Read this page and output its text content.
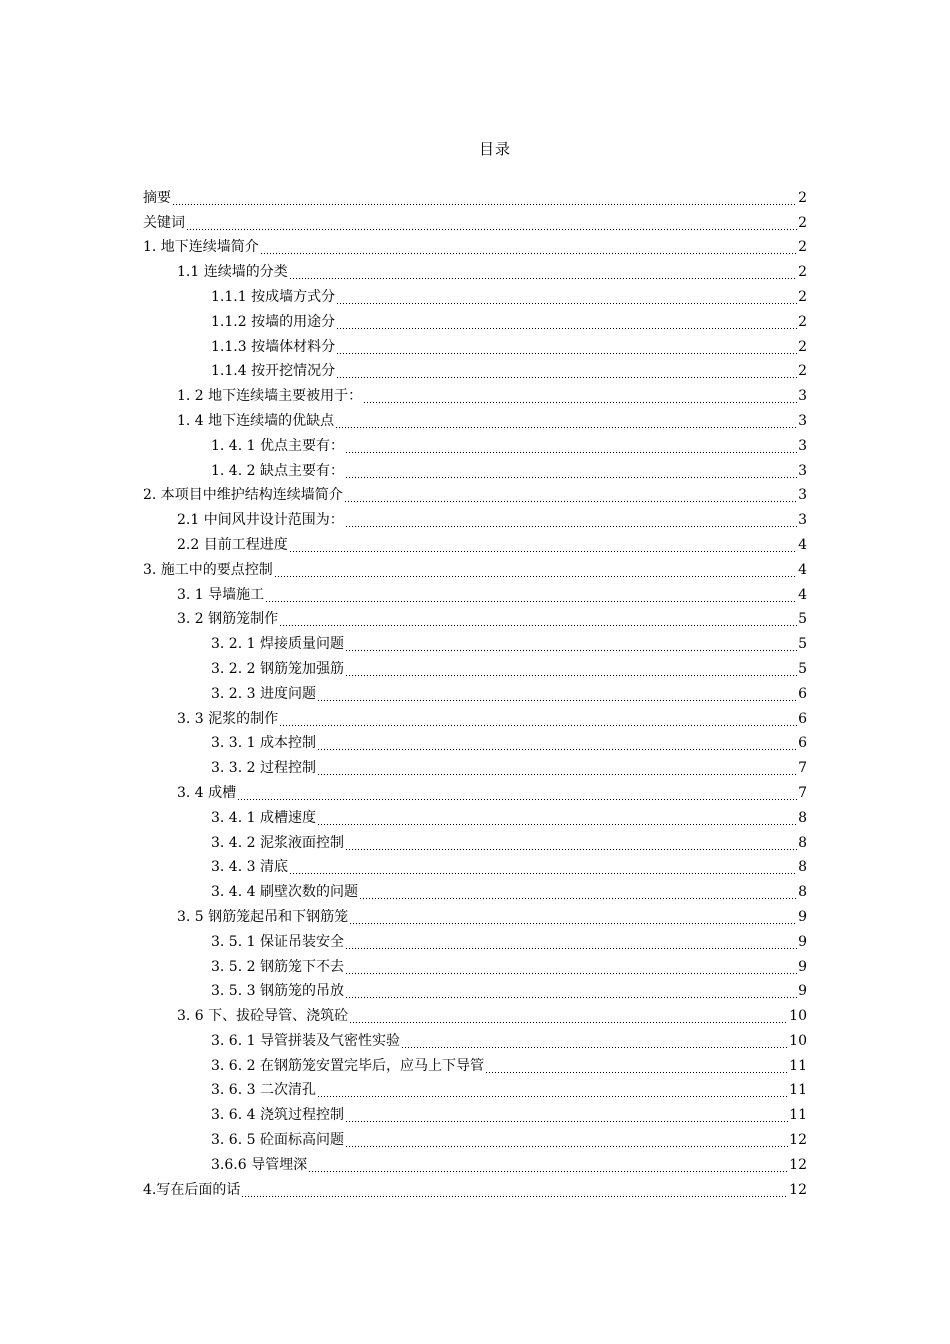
目录
摘要	2
关键词	2
1. 地下连续墙简介	2
1.1 连续墙的分类	2
1.1.1 按成墙方式分	2
1.1.2 按墙的用途分	2
1.1.3 按墙体材料分	2
1.1.4 按开挖情况分	2
1. 2 地下连续墙主要被用于：	3
1. 4 地下连续墙的优缺点	3
1. 4. 1 优点主要有：	3
1. 4. 2 缺点主要有：	3
2. 本项目中维护结构连续墙简介	3
2.1 中间风井设计范围为：	3
2.2 目前工程进度	4
3. 施工中的要点控制	4
3. 1 导墙施工	4
3. 2 钢筋笼制作	5
3. 2. 1 焊接质量问题	5
3. 2. 2 钢筋笼加强筋	5
3. 2. 3 进度问题	6
3. 3 泥浆的制作	6
3. 3. 1 成本控制	6
3. 3. 2 过程控制	7
3. 4 成槽	7
3. 4. 1 成槽速度	8
3. 4. 2 泥浆液面控制	8
3. 4. 3 清底	8
3. 4. 4 刷壁次数的问题	8
3. 5 钢筋笼起吊和下钢筋笼	9
3. 5. 1 保证吊装安全	9
3. 5. 2 钢筋笼下不去	9
3. 5. 3 钢筋笼的吊放	9
3. 6 下、拔砼导管、浇筑砼	10
3. 6. 1 导管拼装及气密性实验	10
3. 6. 2 在钢筋笼安置完毕后，应马上下导管	11
3. 6. 3 二次清孔	11
3. 6. 4 浇筑过程控制	11
3. 6. 5 砼面标高问题	12
3.6.6 导管埋深	12
4.写在后面的话	12
